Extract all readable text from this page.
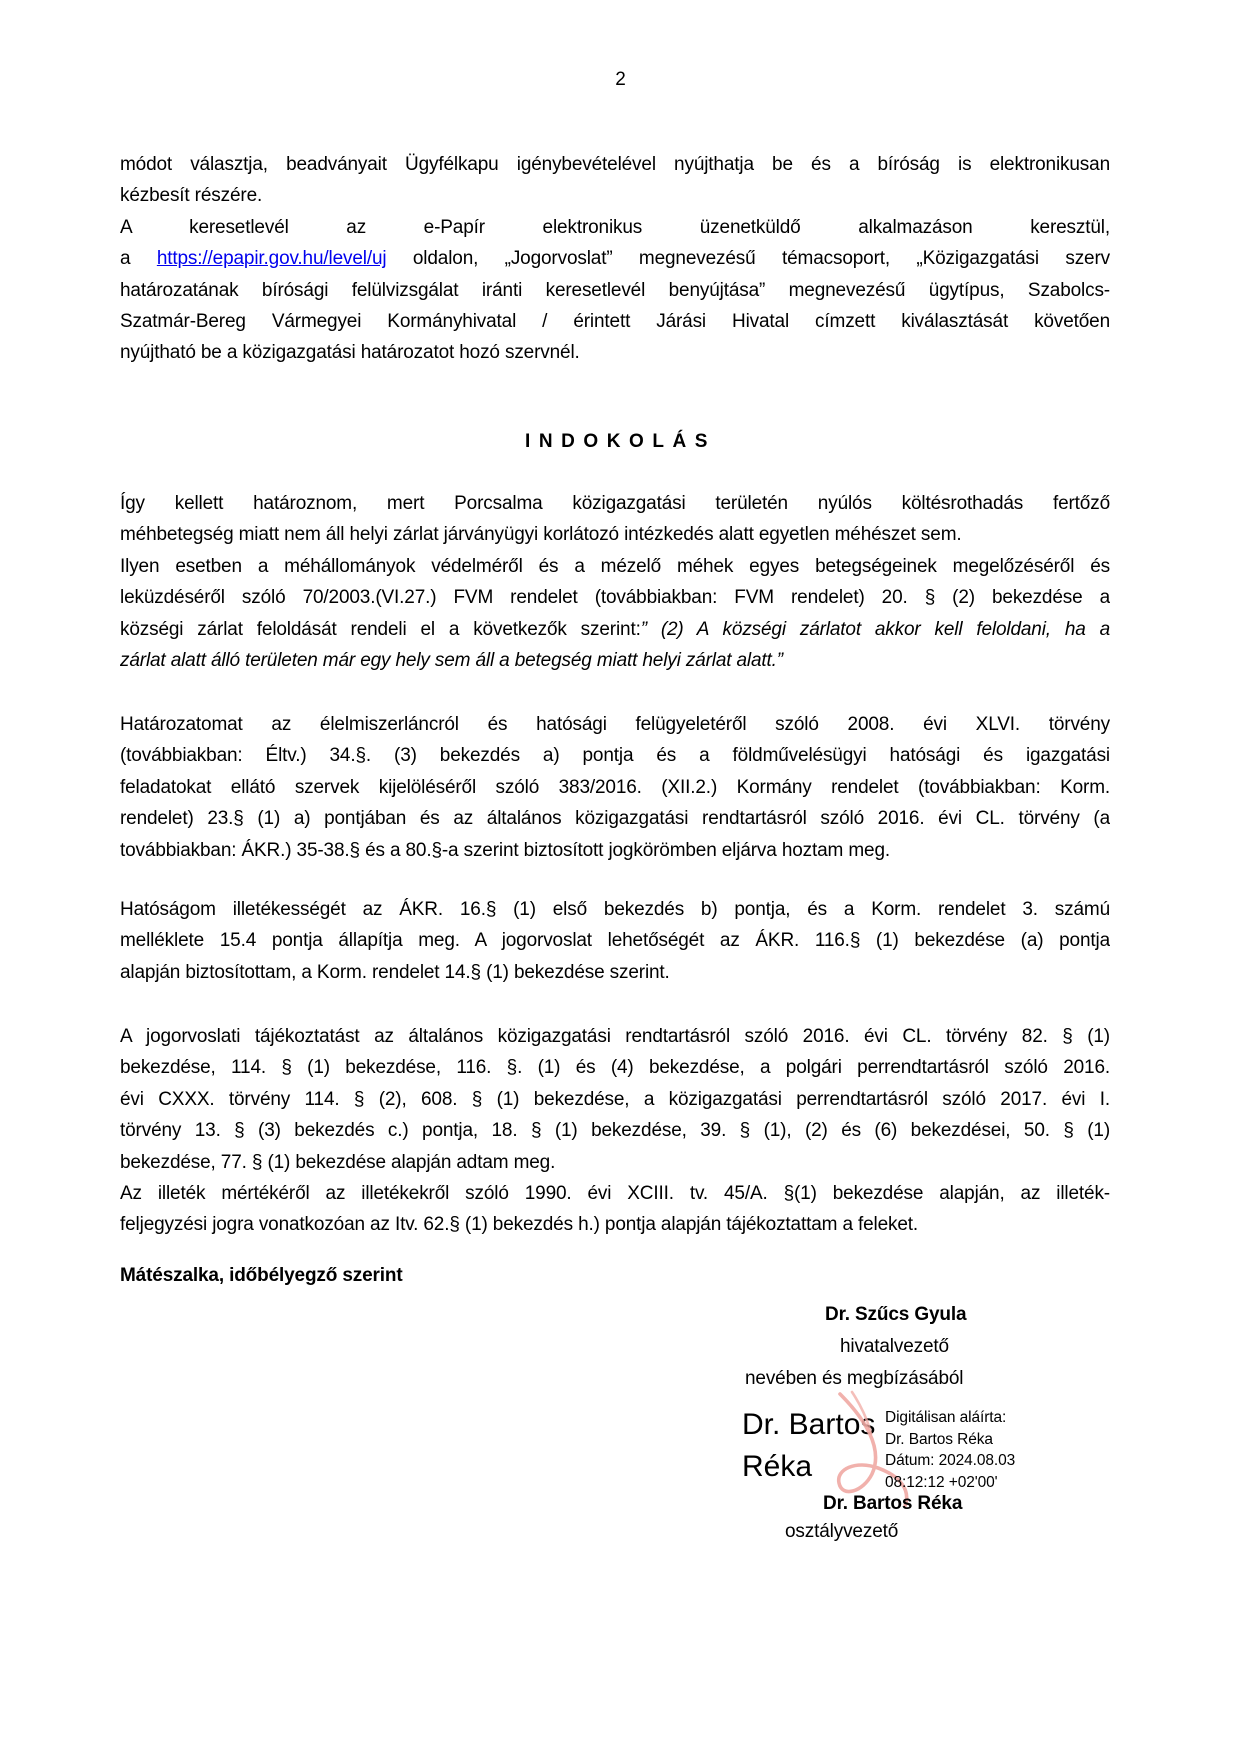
2
módot választja, beadványait Ügyfélkapu igénybevételével nyújthatja be és a bíróság is elektronikusan
kézbesít részére.
A keresetlevél az e-Papír elektronikus üzenetküldő alkalmazáson keresztül,
a https://epapir.gov.hu/level/uj oldalon, „Jogorvoslat” megnevezésű témacsoport, „Közigazgatási szerv
határozatának bírósági felülvizsgálat iránti keresetlevél benyújtása” megnevezésű ügytípus, Szabolcs-
Szatmár-Bereg Vármegyei Kormányhivatal / érintett Járási Hivatal címzett kiválasztását követően
nyújtható be a közigazgatási határozatot hozó szervnél.
INDOKOLÁS
Így kellett határoznom, mert Porcsalma közigazgatási területén nyúlós költésrothadás fertőző
méhbetegség miatt nem áll helyi zárlat járványügyi korlátozó intézkedés alatt egyetlen méhészet sem.
Ilyen esetben a méhállományok védelméről és a mézelő méhek egyes betegségeinek megelőzéséről és
leküzdéséről szóló 70/2003.(VI.27.) FVM rendelet (továbbiakban: FVM rendelet) 20. § (2) bekezdése a
községi zárlat feloldását rendeli el a következők szerint:” (2) A községi zárlatot akkor kell feloldani, ha a
zárlat alatt álló területen már egy hely sem áll a betegség miatt helyi zárlat alatt.”
Határozatomat az élelmiszerláncról és hatósági felügyeletéről szóló 2008. évi XLVI. törvény
(továbbiakban: Éltv.) 34.§. (3) bekezdés a) pontja és a földművelésügyi hatósági és igazgatási
feladatokat ellátó szervek kijelöléséről szóló 383/2016. (XII.2.) Kormány rendelet (továbbiakban: Korm.
rendelet) 23.§ (1) a) pontjában és az általános közigazgatási rendtartásról szóló 2016. évi CL. törvény (a
továbbiakban: ÁKR.) 35-38.§ és a 80.§-a szerint biztosított jogkörömben eljárva hoztam meg.
Hatóságom illetékességét az ÁKR. 16.§ (1) első bekezdés b) pontja, és a Korm. rendelet 3. számú
melléklete 15.4 pontja állapítja meg. A jogorvoslat lehetőségét az ÁKR. 116.§ (1) bekezdése (a) pontja
alapján biztosítottam, a Korm. rendelet 14.§ (1) bekezdése szerint.
A jogorvoslati tájékoztatást az általános közigazgatási rendtartásról szóló 2016. évi CL. törvény 82. § (1)
bekezdése, 114. § (1) bekezdése, 116. §. (1) és (4) bekezdése, a polgári perrendtartásról szóló 2016.
évi CXXX. törvény 114. § (2), 608. § (1) bekezdése, a közigazgatási perrendtartásról szóló 2017. évi I.
törvény 13. § (3) bekezdés c.) pontja, 18. § (1) bekezdése, 39. § (1), (2) és (6) bekezdései, 50. § (1)
bekezdése, 77. § (1) bekezdése alapján adtam meg.
Az illeték mértékéről az illetékekről szóló 1990. évi XCIII. tv. 45/A. §(1) bekezdése alapján, az illeték-
feljegyzési jogra vonatkozóan az Itv. 62.§ (1) bekezdés h.) pontja alapján tájékoztattam a feleket.
Mátészalka, időbélyegző szerint
Dr. Szűcs Gyula
hivatalvezető
nevében és megbízásából
Dr. Bartos
Réka
Digitálisan aláírta:
Dr. Bartos Réka
Dátum: 2024.08.03
08:12:12 +02'00'
Dr. Bartos Réka
osztályvezető
